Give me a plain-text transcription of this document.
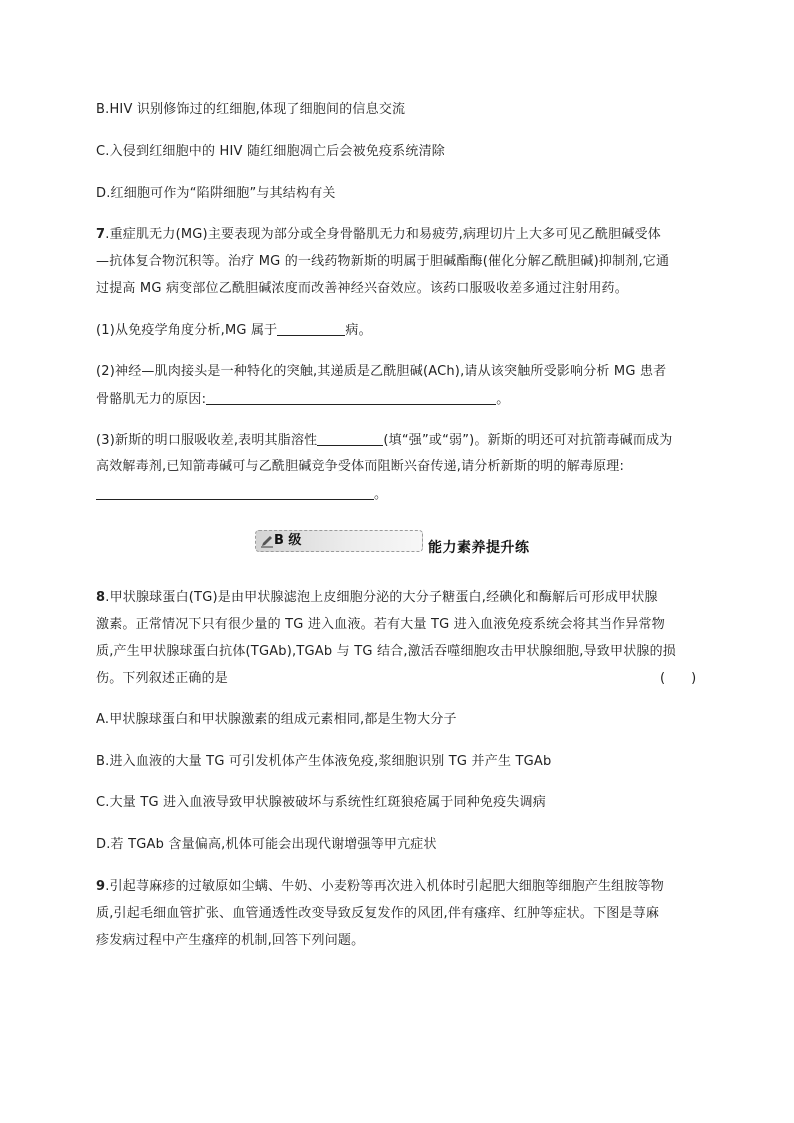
B.HIV 识别修饰过的红细胞,体现了细胞间的信息交流
C.入侵到红细胞中的 HIV 随红细胞凋亡后会被免疫系统清除
D.红细胞可作为“陷阱细胞”与其结构有关
7.重症肌无力(MG)主要表现为部分或全身骨骼肌无力和易疲劳,病理切片上大多可见乙酰胆碱受体
—抗体复合物沉积等。治疗 MG 的一线药物新斯的明属于胆碱酯酶(催化分解乙酰胆碱)抑制剂,它通
过提高 MG 病变部位乙酰胆碱浓度而改善神经兴奋效应。该药口服吸收差多通过注射用药。
(1)从免疫学角度分析,MG 属于	病。
(2)神经—肌肉接头是一种特化的突触,其递质是乙酰胆碱(ACh),请从该突触所受影响分析 MG 患者
骨骼肌无力的原因:	。
(3)新斯的明口服吸收差,表明其脂溶性	(填“强”或“弱”)。新斯的明还可对抗箭毒碱而成为
高效解毒剂,已知箭毒碱可与乙酰胆碱竞争受体而阻断兴奋传递,请分析新斯的明的解毒原理:
。
B 级	能力素养提升练
8.甲状腺球蛋白(TG)是由甲状腺滤泡上皮细胞分泌的大分子糖蛋白,经碘化和酶解后可形成甲状腺
激素。正常情况下只有很少量的 TG 进入血液。若有大量 TG 进入血液免疫系统会将其当作异常物
质,产生甲状腺球蛋白抗体(TGAb),TGAb 与 TG 结合,激活吞噬细胞攻击甲状腺细胞,导致甲状腺的损
伤。下列叙述正确的是	(　　)
A.甲状腺球蛋白和甲状腺激素的组成元素相同,都是生物大分子
B.进入血液的大量 TG 可引发机体产生体液免疫,浆细胞识别 TG 并产生 TGAb
C.大量 TG 进入血液导致甲状腺被破坏与系统性红斑狼疮属于同种免疫失调病
D.若 TGAb 含量偏高,机体可能会出现代谢增强等甲亢症状
9.引起荨麻疹的过敏原如尘螨、牛奶、小麦粉等再次进入机体时引起肥大细胞等细胞产生组胺等物
质,引起毛细血管扩张、血管通透性改变导致反复发作的风团,伴有瘙痒、红肿等症状。下图是荨麻
疹发病过程中产生瘙痒的机制,回答下列问题。
